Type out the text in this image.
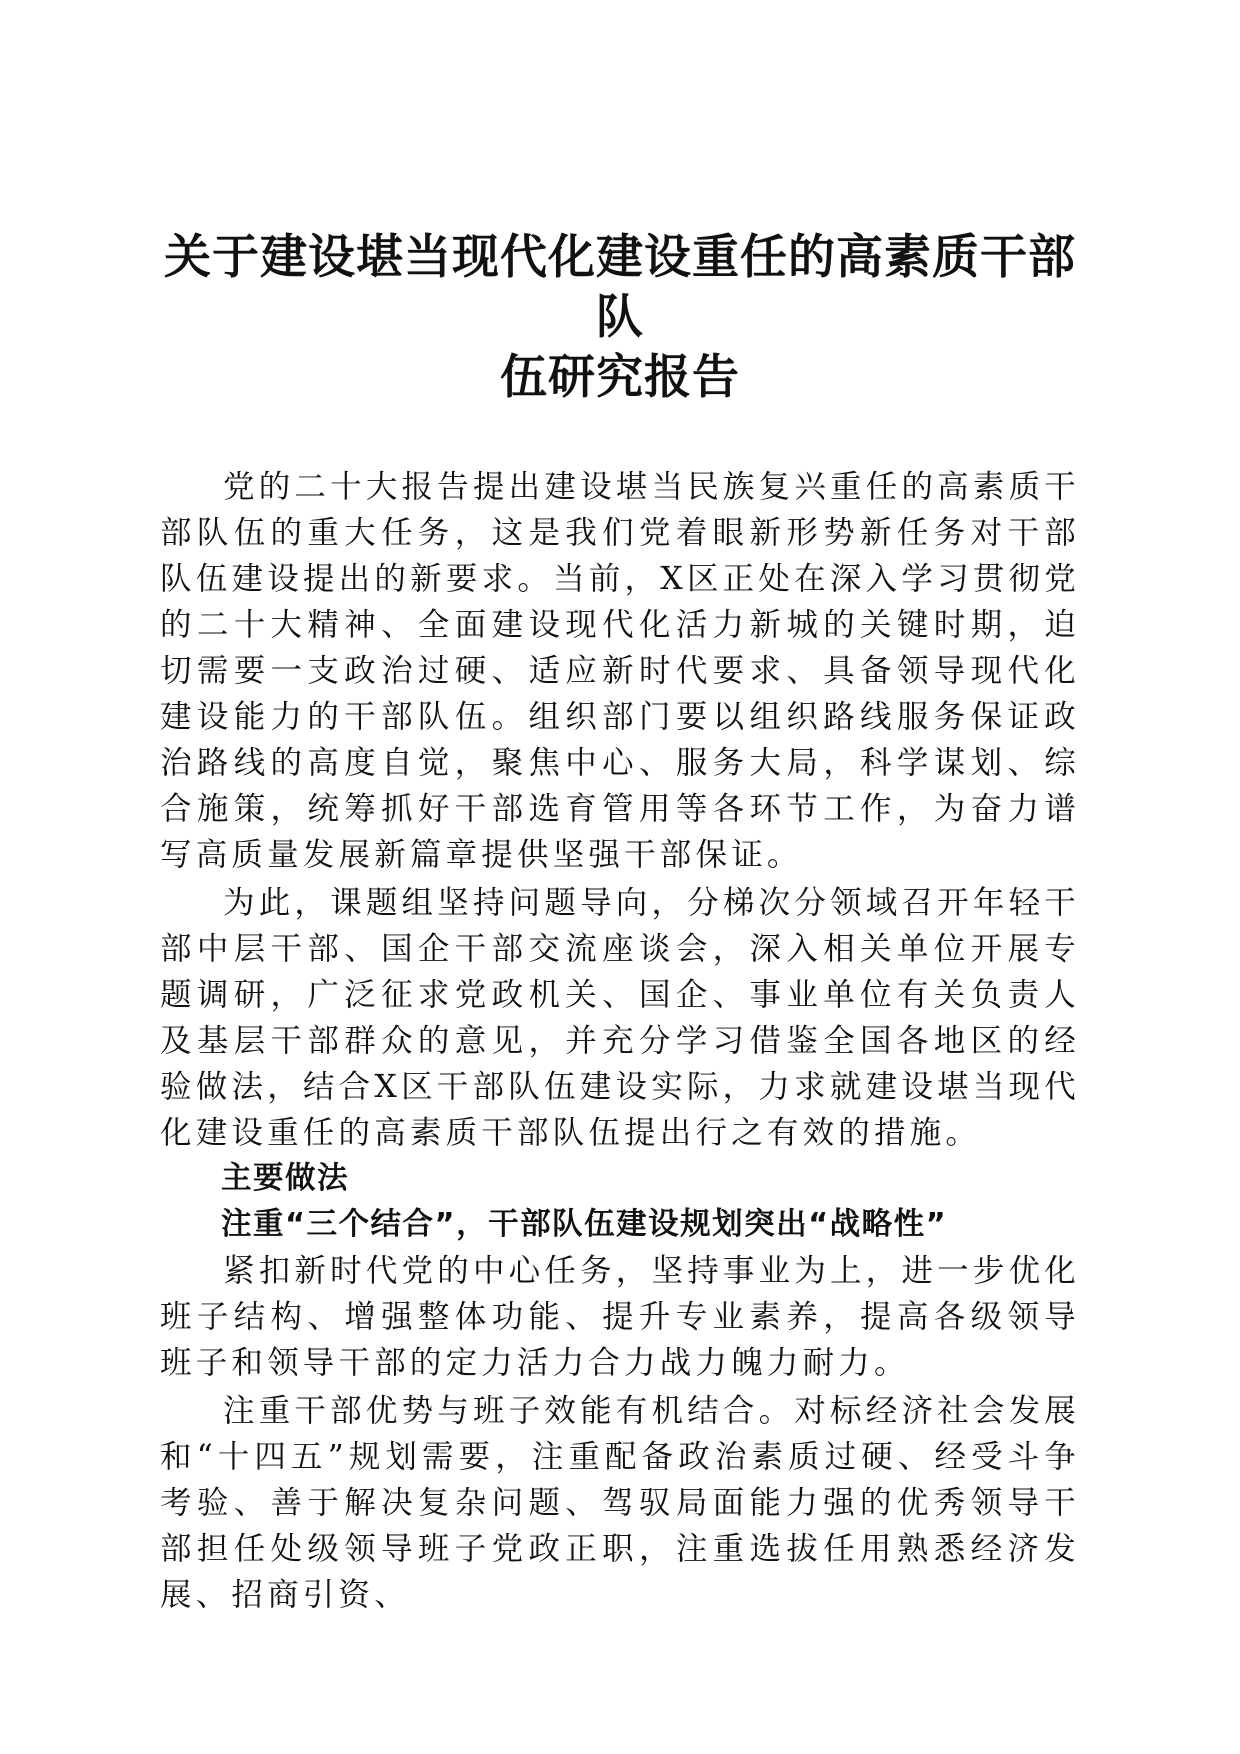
关于建设堪当现代化建设重任的高素质干部队
伍研究报告

党的二十大报告提出建设堪当民族复兴重任的高素质干部队伍的重大任务，这是我们党着眼新形势新任务对干部队伍建设提出的新要求。当前，X区正处在深入学习贯彻党的二十大精神、全面建设现代化活力新城的关键时期，迫切需要一支政治过硬、适应新时代要求、具备领导现代化建设能力的干部队伍。组织部门要以组织路线服务保证政治路线的高度自觉，聚焦中心、服务大局，科学谋划、综合施策，统筹抓好干部选育管用等各环节工作，为奋力谱写高质量发展新篇章提供坚强干部保证。

为此，课题组坚持问题导向，分梯次分领域召开年轻干部中层干部、国企干部交流座谈会，深入相关单位开展专题调研，广泛征求党政机关、国企、事业单位有关负责人及基层干部群众的意见，并充分学习借鉴全国各地区的经验做法，结合X区干部队伍建设实际，力求就建设堪当现代化建设重任的高素质干部队伍提出行之有效的措施。

主要做法

注重“三个结合”，干部队伍建设规划突出“战略性”

紧扣新时代党的中心任务，坚持事业为上，进一步优化班子结构、增强整体功能、提升专业素养，提高各级领导班子和领导干部的定力活力合力战力魄力耐力。

注重干部优势与班子效能有机结合。对标经济社会发展和“十四五”规划需要，注重配备政治素质过硬、经受斗争考验、善于解决复杂问题、驾驭局面能力强的优秀领导干部担任处级领导班子党政正职，注重选拔任用熟悉经济发展、招商引资、
